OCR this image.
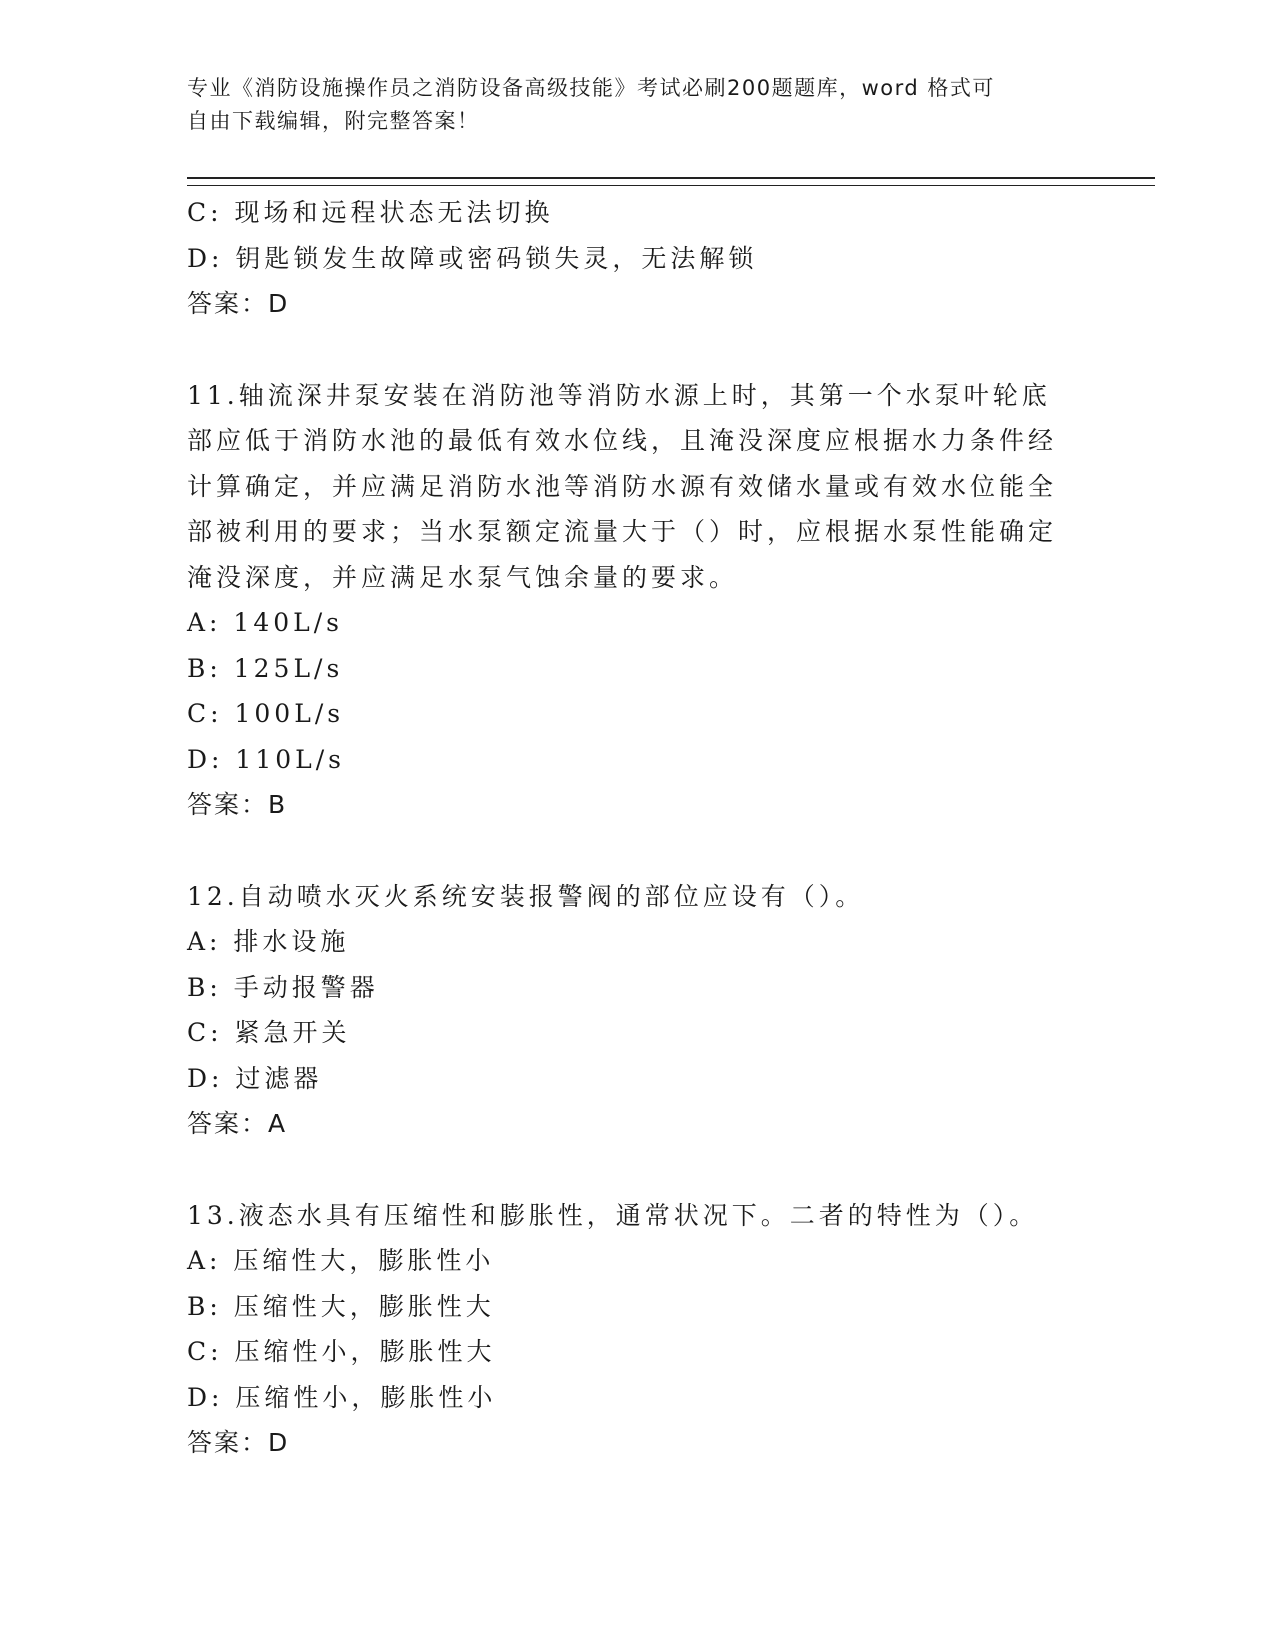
专业《消防设施操作员之消防设备高级技能》考试必刷200题题库，word 格式可
自由下载编辑，附完整答案！
C: 现场和远程状态无法切换
D: 钥匙锁发生故障或密码锁失灵，无法解锁
答案：D
11.轴流深井泵安装在消防池等消防水源上时，其第一个水泵叶轮底部应低于消防水池的最低有效水位线，且淹没深度应根据水力条件经计算确定，并应满足消防水池等消防水源有效储水量或有效水位能全部被利用的要求；当水泵额定流量大于（）时，应根据水泵性能确定淹没深度，并应满足水泵气蚀余量的要求。
A: 140L/s
B: 125L/s
C: 100L/s
D: 110L/s
答案：B
12.自动喷水灭火系统安装报警阀的部位应设有（）。
A: 排水设施
B: 手动报警器
C: 紧急开关
D: 过滤器
答案：A
13.液态水具有压缩性和膨胀性，通常状况下。二者的特性为（）。
A: 压缩性大，膨胀性小
B: 压缩性大，膨胀性大
C: 压缩性小，膨胀性大
D: 压缩性小，膨胀性小
答案：D
